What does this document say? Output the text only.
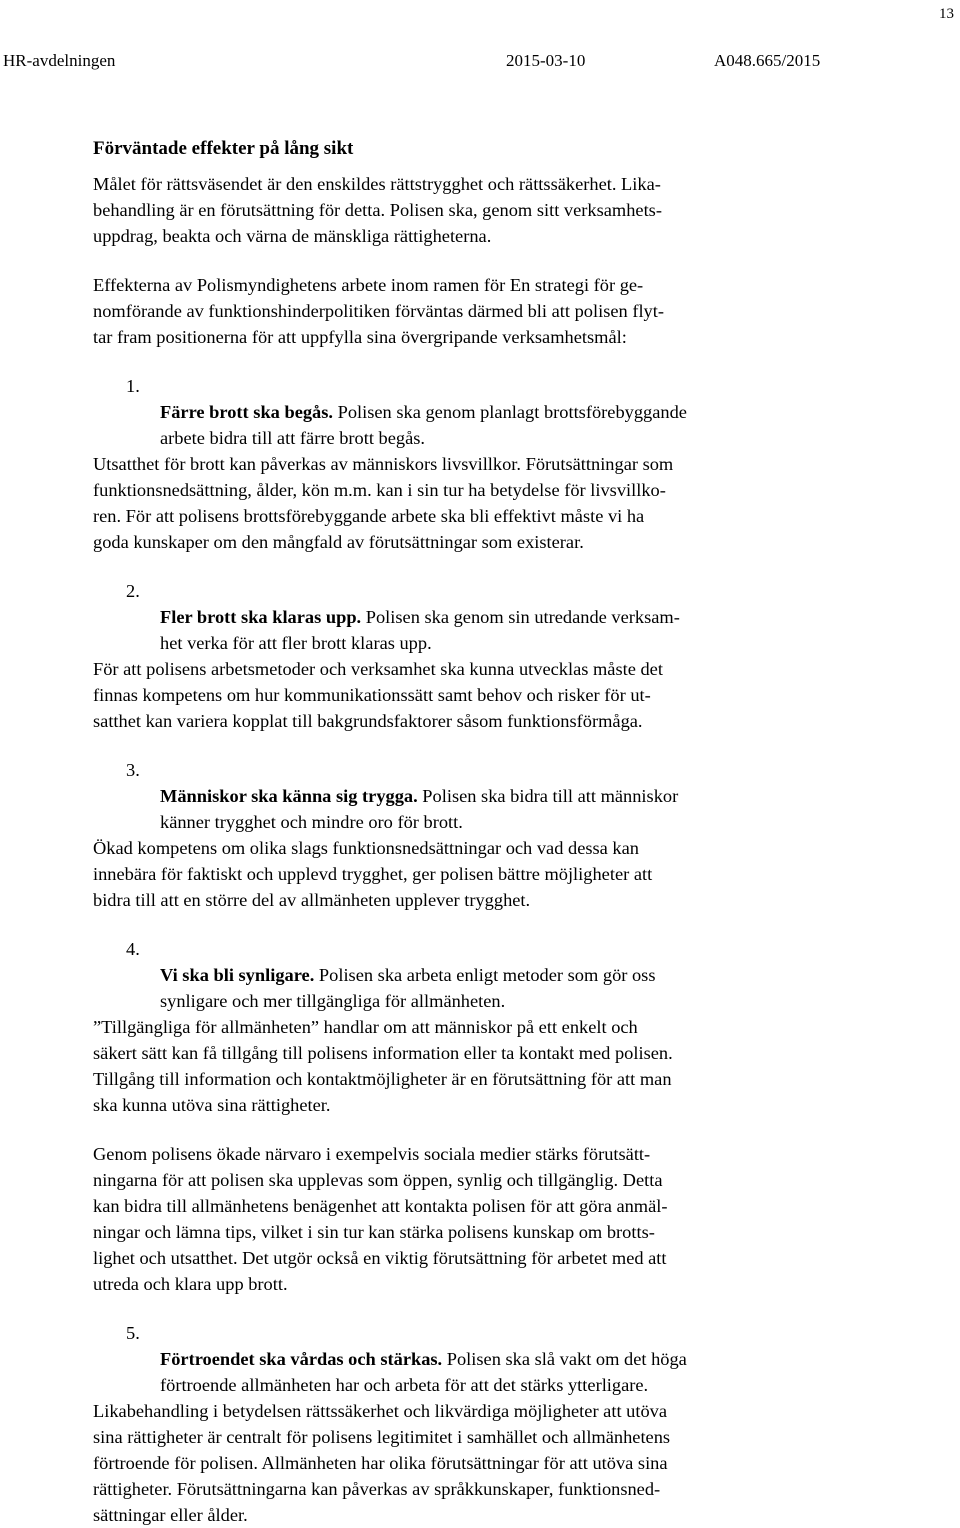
13
HR-avdelningen	2015-03-10	A048.665/2015

Förväntade effekter på lång sikt

Målet för rättsväsendet är den enskildes rättstrygghet och rättssäkerhet. Lika-
behandling är en förutsättning för detta. Polisen ska, genom sitt verksamhets-
uppdrag, beakta och värna de mänskliga rättigheterna.

Effekterna av Polismyndighetens arbete inom ramen för En strategi för ge-
nomförande av funktionshinderpolitiken förväntas därmed bli att polisen flyt-
tar fram positionerna för att uppfylla sina övergripande verksamhetsmål:

1.
Färre brott ska begås. Polisen ska genom planlagt brottsförebyggande
arbete bidra till att färre brott begås.

Utsatthet för brott kan påverkas av människors livsvillkor. Förutsättningar som
funktionsnedsättning, ålder, kön m.m. kan i sin tur ha betydelse för livsvillko-
ren. För att polisens brottsförebyggande arbete ska bli effektivt måste vi ha
goda kunskaper om den mångfald av förutsättningar som existerar.

2.
Fler brott ska klaras upp. Polisen ska genom sin utredande verksam-
het verka för att fler brott klaras upp.

För att polisens arbetsmetoder och verksamhet ska kunna utvecklas måste det
finnas kompetens om hur kommunikationssätt samt behov och risker för ut-
satthet kan variera kopplat till bakgrundsfaktorer såsom funktionsförmåga.

3.
Människor ska känna sig trygga. Polisen ska bidra till att människor
känner trygghet och mindre oro för brott.

Ökad kompetens om olika slags funktionsnedsättningar och vad dessa kan
innebära för faktiskt och upplevd trygghet, ger polisen bättre möjligheter att
bidra till att en större del av allmänheten upplever trygghet.

4.
Vi ska bli synligare. Polisen ska arbeta enligt metoder som gör oss
synligare och mer tillgängliga för allmänheten.

”Tillgängliga för allmänheten” handlar om att människor på ett enkelt och
säkert sätt kan få tillgång till polisens information eller ta kontakt med polisen.
Tillgång till information och kontaktmöjligheter är en förutsättning för att man
ska kunna utöva sina rättigheter.

Genom polisens ökade närvaro i exempelvis sociala medier stärks förutsätt-
ningarna för att polisen ska upplevas som öppen, synlig och tillgänglig. Detta
kan bidra till allmänhetens benägenhet att kontakta polisen för att göra anmäl-
ningar och lämna tips, vilket i sin tur kan stärka polisens kunskap om brotts-
lighet och utsatthet. Det utgör också en viktig förutsättning för arbetet med att
utreda och klara upp brott.

5.
Förtroendet ska vårdas och stärkas. Polisen ska slå vakt om det höga
förtroende allmänheten har och arbeta för att det stärks ytterligare.

Likabehandling i betydelsen rättssäkerhet och likvärdiga möjligheter att utöva
sina rättigheter är centralt för polisens legitimitet i samhället och allmänhetens
förtroende för polisen. Allmänheten har olika förutsättningar för att utöva sina
rättigheter. Förutsättningarna kan påverkas av språkkunskaper, funktionsned-
sättningar eller ålder.
